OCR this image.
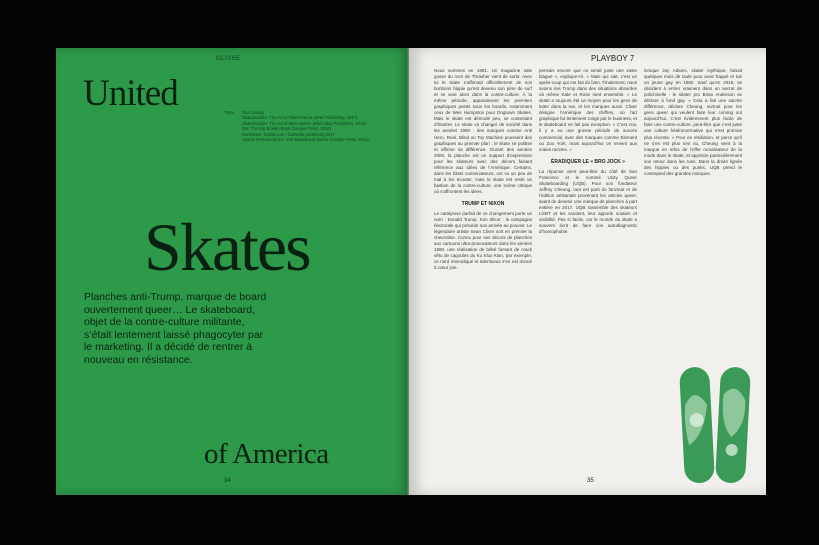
GLISSE
United	Texte	Tod Cusack
Skateboarder: The Art of Todd Francis (NNE Publishing, 2017)
Skateboarder: The Art of Marc Bohne (Bikin Skin Publishers, 2015)
Dot: The Big Broken Book (Gingko Press, 2016)
Interviews: Jordan Lee / Cartwork publishing 2017
Ayants Personnels Inc: 100 Skateboard Decks (Gingko Press, 2011)
Skates
Planches anti-Trump, marque de board ouvertement queer… Le skateboard, objet de la contre-culture militante, s’était lentement laissé phagocyter par le marketing. Il a décidé de rentrer à nouveau en résistance.
of America
34
PLAYBOY 7
Nous sommes en 1981. Un magazine sale gosse du nom de Thrasher vient de sortir. Avec lui le skate s’affirmait officiellement de nos bonbons hippie qu’est devenu son père de surf et se veut alors dans la contre-culture. À la même période, apparaissent les premiers graphiques peints sous les boards, notamment ceux de Wes Humpston pour Dogtown Skates. Mais le skate est démodé peu, se contentant d’illustrer. Le skate va changer de société dans les années 1990 : des marques comme Anti Hero, Real, Blind ou Toy Machine poussent des graphiques au premier plan ; le skate se politise et affirme sa différence. Durant des années 2000, la planche est un support d’expression pour les skateurs avec des décors faisant référence aux idées de l’Amérique. Certains, dans les États conservateurs, ont vu un peu de mal à les écouter, mais le skate est resté un bastion de la contre-culture, une scène critique où s’affrontent les idées.
TRUMP ET NIXON
Le catalyseur parfait de ce changement porte un nom : Donald Trump. Son décor : la campagne électorale qui précède son arrivée au pouvoir. Le légendaire artiste Sean Cliver sort en premier la chevrotine. Connu pour ses décors de planches aux cartoons ultra-provocateurs dans les années 1990, une réalisation de bébé fumant de crack vêtu de cagoules du Ku Klux Klan, par exemple, ce nerd revendiqué et talentueux s’en est donné à cœur joie.
pensais encore que ce serait juste une vaste blague », explique-t-il. « Mais qui sait, c’est un après-coup qui me fait du bien. Finalement, nous avions mis Trump dans des situations absurdes où même Kate et Rose rient ensemble. » Le skate a toujours été un moyen pour les gens de lutter dans la rue, et les marques aussi. Cliver désigne l’Amérique des chiffres, où l’art graphique fut lentement rongé par le business, et le skateboard ne fait pas exception. « C’est vrai, il y a eu une grosse période de succès commercial, avec des marques comme Element ou Zoo York, mais aujourd’hui on revient aux vraies racines. »
ÉRADIQUER LE « BRO JOCK »
La réponse vient peut-être du côté de San Francisco et le nommé Unity Queer Skateboarding (UQB). Pour son fondateur Jeffrey Cheung, tout est parti du fanzinat et de l’édition artisanale provenant les articles queer, avant de devenir une marque de planches à part entière en 2017. UQB rassemble des skateurs LGBT et les soutient, leur apporte soutien et visibilité. Pas si facile, car le monde du skate a souvent écrit de faire son autodiagnostic d’homophobie.
lorsque Jay Adams, skater mythique, faisait quelques mois de taule pour avoir frappé et tué un jeune gay en 1982. Sauf qu’en 2016, se décident à entrer vraiment dans un secret de polichinelle : le skater pro Brian Anderson se déclare à fond gay. « Cela a fait une sacrée différence, déclare Cheung, surtout pour les gens queer qui veulent faire leur coming out aujourd’hui. C’est évidemment plus facile de faire une contre-culture, peut-être que c’est juste une culture hétéronormative qui s’est promue plus récente. » Pour en résiliation, et parce qu’il ne s’en est plus rien su, Cheung vient à la marque en refus de l’effet moralisateur de la mode dans le skate, et apprécie particulièrement son retour dans les rues. Dans la droite lignée des hippies ou des punks, UQB prend le contrepied des grandes marques.
35
